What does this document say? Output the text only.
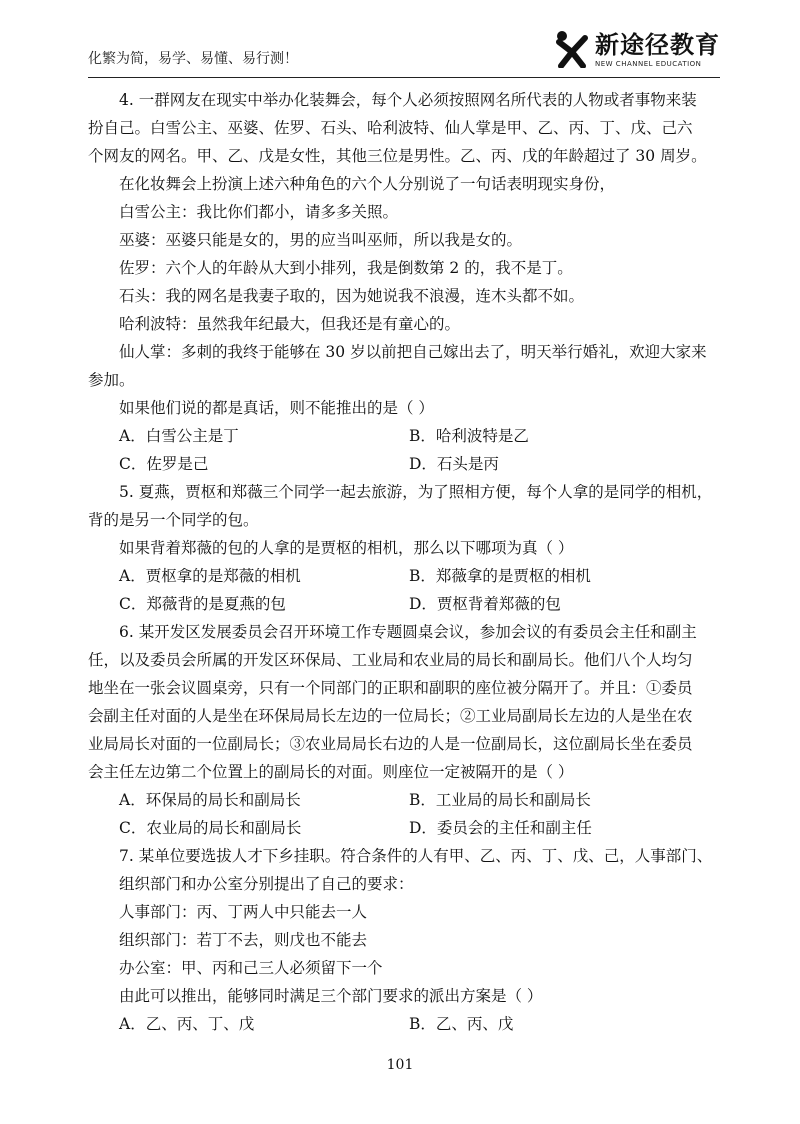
化繁为简，易学、易懂、易行测！	新途径教育
NEW CHANNEL EDUCATION
4. 一群网友在现实中举办化装舞会，每个人必须按照网名所代表的人物或者事物来装
扮自己。白雪公主、巫婆、佐罗、石头、哈利波特、仙人掌是甲、乙、丙、丁、戊、己六
个网友的网名。甲、乙、戊是女性，其他三位是男性。乙、丙、戊的年龄超过了 30 周岁。
在化妆舞会上扮演上述六种角色的六个人分别说了一句话表明现实身份，
白雪公主：我比你们都小，请多多关照。
巫婆：巫婆只能是女的，男的应当叫巫师，所以我是女的。
佐罗：六个人的年龄从大到小排列，我是倒数第 2 的，我不是丁。
石头：我的网名是我妻子取的，因为她说我不浪漫，连木头都不如。
哈利波特：虽然我年纪最大，但我还是有童心的。
仙人掌：多刺的我终于能够在 30 岁以前把自己嫁出去了，明天举行婚礼，欢迎大家来
参加。
如果他们说的都是真话，则不能推出的是（ ）
A．白雪公主是丁	B．哈利波特是乙
C．佐罗是己	D．石头是丙
5. 夏燕，贾枢和郑薇三个同学一起去旅游，为了照相方便，每个人拿的是同学的相机，
背的是另一个同学的包。
如果背着郑薇的包的人拿的是贾枢的相机，那么以下哪项为真（ ）
A．贾枢拿的是郑薇的相机	B．郑薇拿的是贾枢的相机
C．郑薇背的是夏燕的包	D．贾枢背着郑薇的包
6. 某开发区发展委员会召开环境工作专题圆桌会议，参加会议的有委员会主任和副主
任，以及委员会所属的开发区环保局、工业局和农业局的局长和副局长。他们八个人均匀
地坐在一张会议圆桌旁，只有一个同部门的正职和副职的座位被分隔开了。并且：①委员
会副主任对面的人是坐在环保局局长左边的一位局长；②工业局副局长左边的人是坐在农
业局局长对面的一位副局长；③农业局局长右边的人是一位副局长，这位副局长坐在委员
会主任左边第二个位置上的副局长的对面。则座位一定被隔开的是（ ）
A．环保局的局长和副局长	B．工业局的局长和副局长
C．农业局的局长和副局长	D．委员会的主任和副主任
7. 某单位要选拔人才下乡挂职。符合条件的人有甲、乙、丙、丁、戊、己，人事部门、
组织部门和办公室分别提出了自己的要求：
人事部门：丙、丁两人中只能去一人
组织部门：若丁不去，则戊也不能去
办公室：甲、丙和己三人必须留下一个
由此可以推出，能够同时满足三个部门要求的派出方案是（ ）
A．乙、丙、丁、戊	B．乙、丙、戊
101
